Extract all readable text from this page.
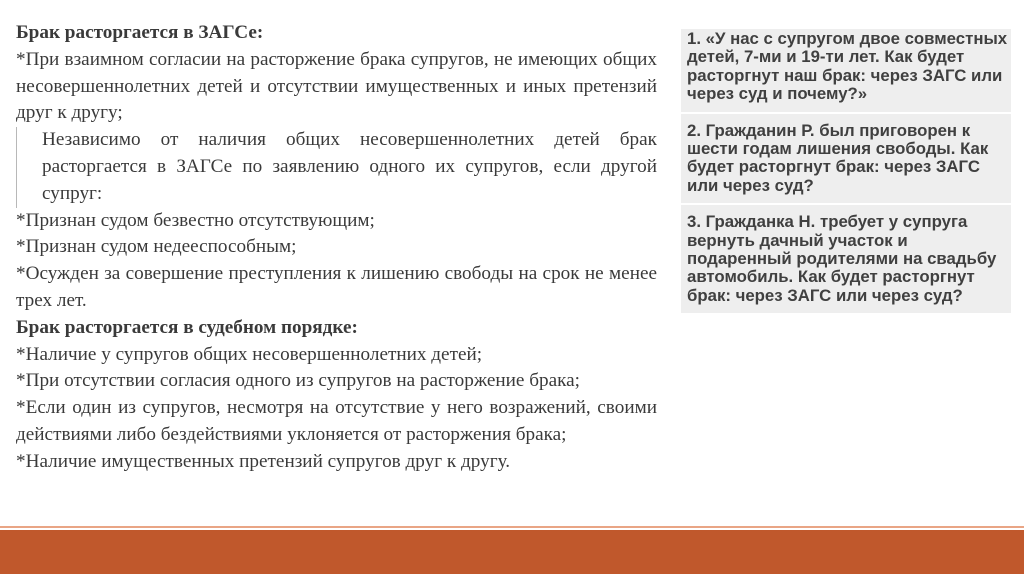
Брак расторгается в ЗАГСе:

*При взаимном согласии на расторжение брака супругов, не имеющих общих несовершеннолетних детей и отсутствии имущественных и иных претензий друг к другу;

Независимо от наличия общих несовершеннолетних детей брак расторгается в ЗАГСе по заявлению одного их супругов, если другой супруг:

*Признан судом безвестно отсутствующим;

*Признан судом недееспособным;

*Осужден за совершение преступления к лишению свободы на срок не менее трех лет.

Брак расторгается в судебном порядке:

*Наличие у супругов общих несовершеннолетних детей;

*При отсутствии согласия одного из супругов на расторжение брака;

*Если один из супругов, несмотря на отсутствие у него возражений, своими действиями либо бездействиями уклоняется от расторжения брака;

*Наличие имущественных претензий супругов друг к другу.

1. «У нас с супругом двое совместных детей, 7-ми и 19-ти лет. Как будет расторгнут наш брак: через ЗАГС или через суд и почему?»
2. Гражданин Р. был приговорен к шести годам лишения свободы. Как будет расторгнут брак: через ЗАГС или через суд?
3. Гражданка Н. требует у супруга вернуть дачный участок и подаренный родителями на свадьбу автомобиль. Как будет расторгнут брак: через ЗАГС или через суд?
